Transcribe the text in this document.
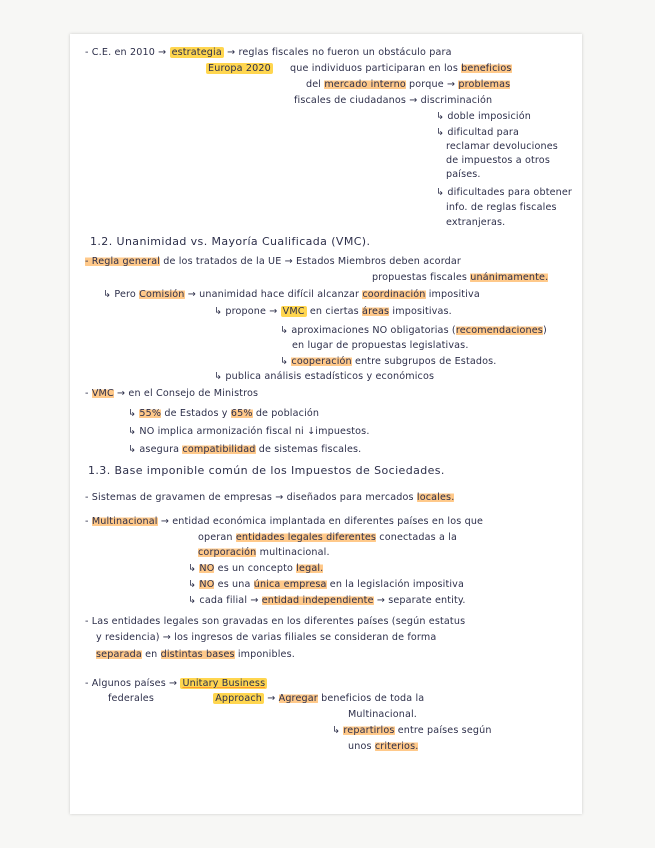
- C.E. en 2010 → estrategia → reglas fiscales no fueron un obstáculo para
Europa 2020 que individuos participaran en los beneficios
del mercado interno porque → problemas
fiscales de ciudadanos → discriminación
↳ doble imposición
↳ dificultad para
reclamar devoluciones
de impuestos a otros
países.
↳ dificultades para obtener
info. de reglas fiscales
extranjeras.
1.2. Unanimidad vs. Mayoría Cualificada (VMC).
- Regla general de los tratados de la UE → Estados Miembros deben acordar
propuestas fiscales unánimamente.
↳ Pero Comisión → unanimidad hace difícil alcanzar coordinación impositiva
↳ propone → VMC en ciertas áreas impositivas.
↳ aproximaciones NO obligatorias (recomendaciones)
en lugar de propuestas legislativas.
↳ cooperación entre subgrupos de Estados.
↳ publica análisis estadísticos y económicos
- VMC → en el Consejo de Ministros
↳ 55% de Estados y 65% de población
↳ NO implica armonización fiscal ni ↓impuestos.
↳ asegura compatibilidad de sistemas fiscales.
1.3. Base imponible común de los Impuestos de Sociedades.
- Sistemas de gravamen de empresas → diseñados para mercados locales.
- Multinacional → entidad económica implantada en diferentes países en los que
operan entidades legales diferentes conectadas a la
corporación multinacional.
↳ NO es un concepto legal.
↳ NO es una única empresa en la legislación impositiva
↳ cada filial → entidad independiente → separate entity.
- Las entidades legales son gravadas en los diferentes países (según estatus
y residencia) → los ingresos de varias filiales se consideran de forma
separada en distintas bases imponibles.
- Algunos países → Unitary Business
federales	Approach → Agregar beneficios de toda la
Multinacional.
↳ repartirlos entre países según
unos criterios.
